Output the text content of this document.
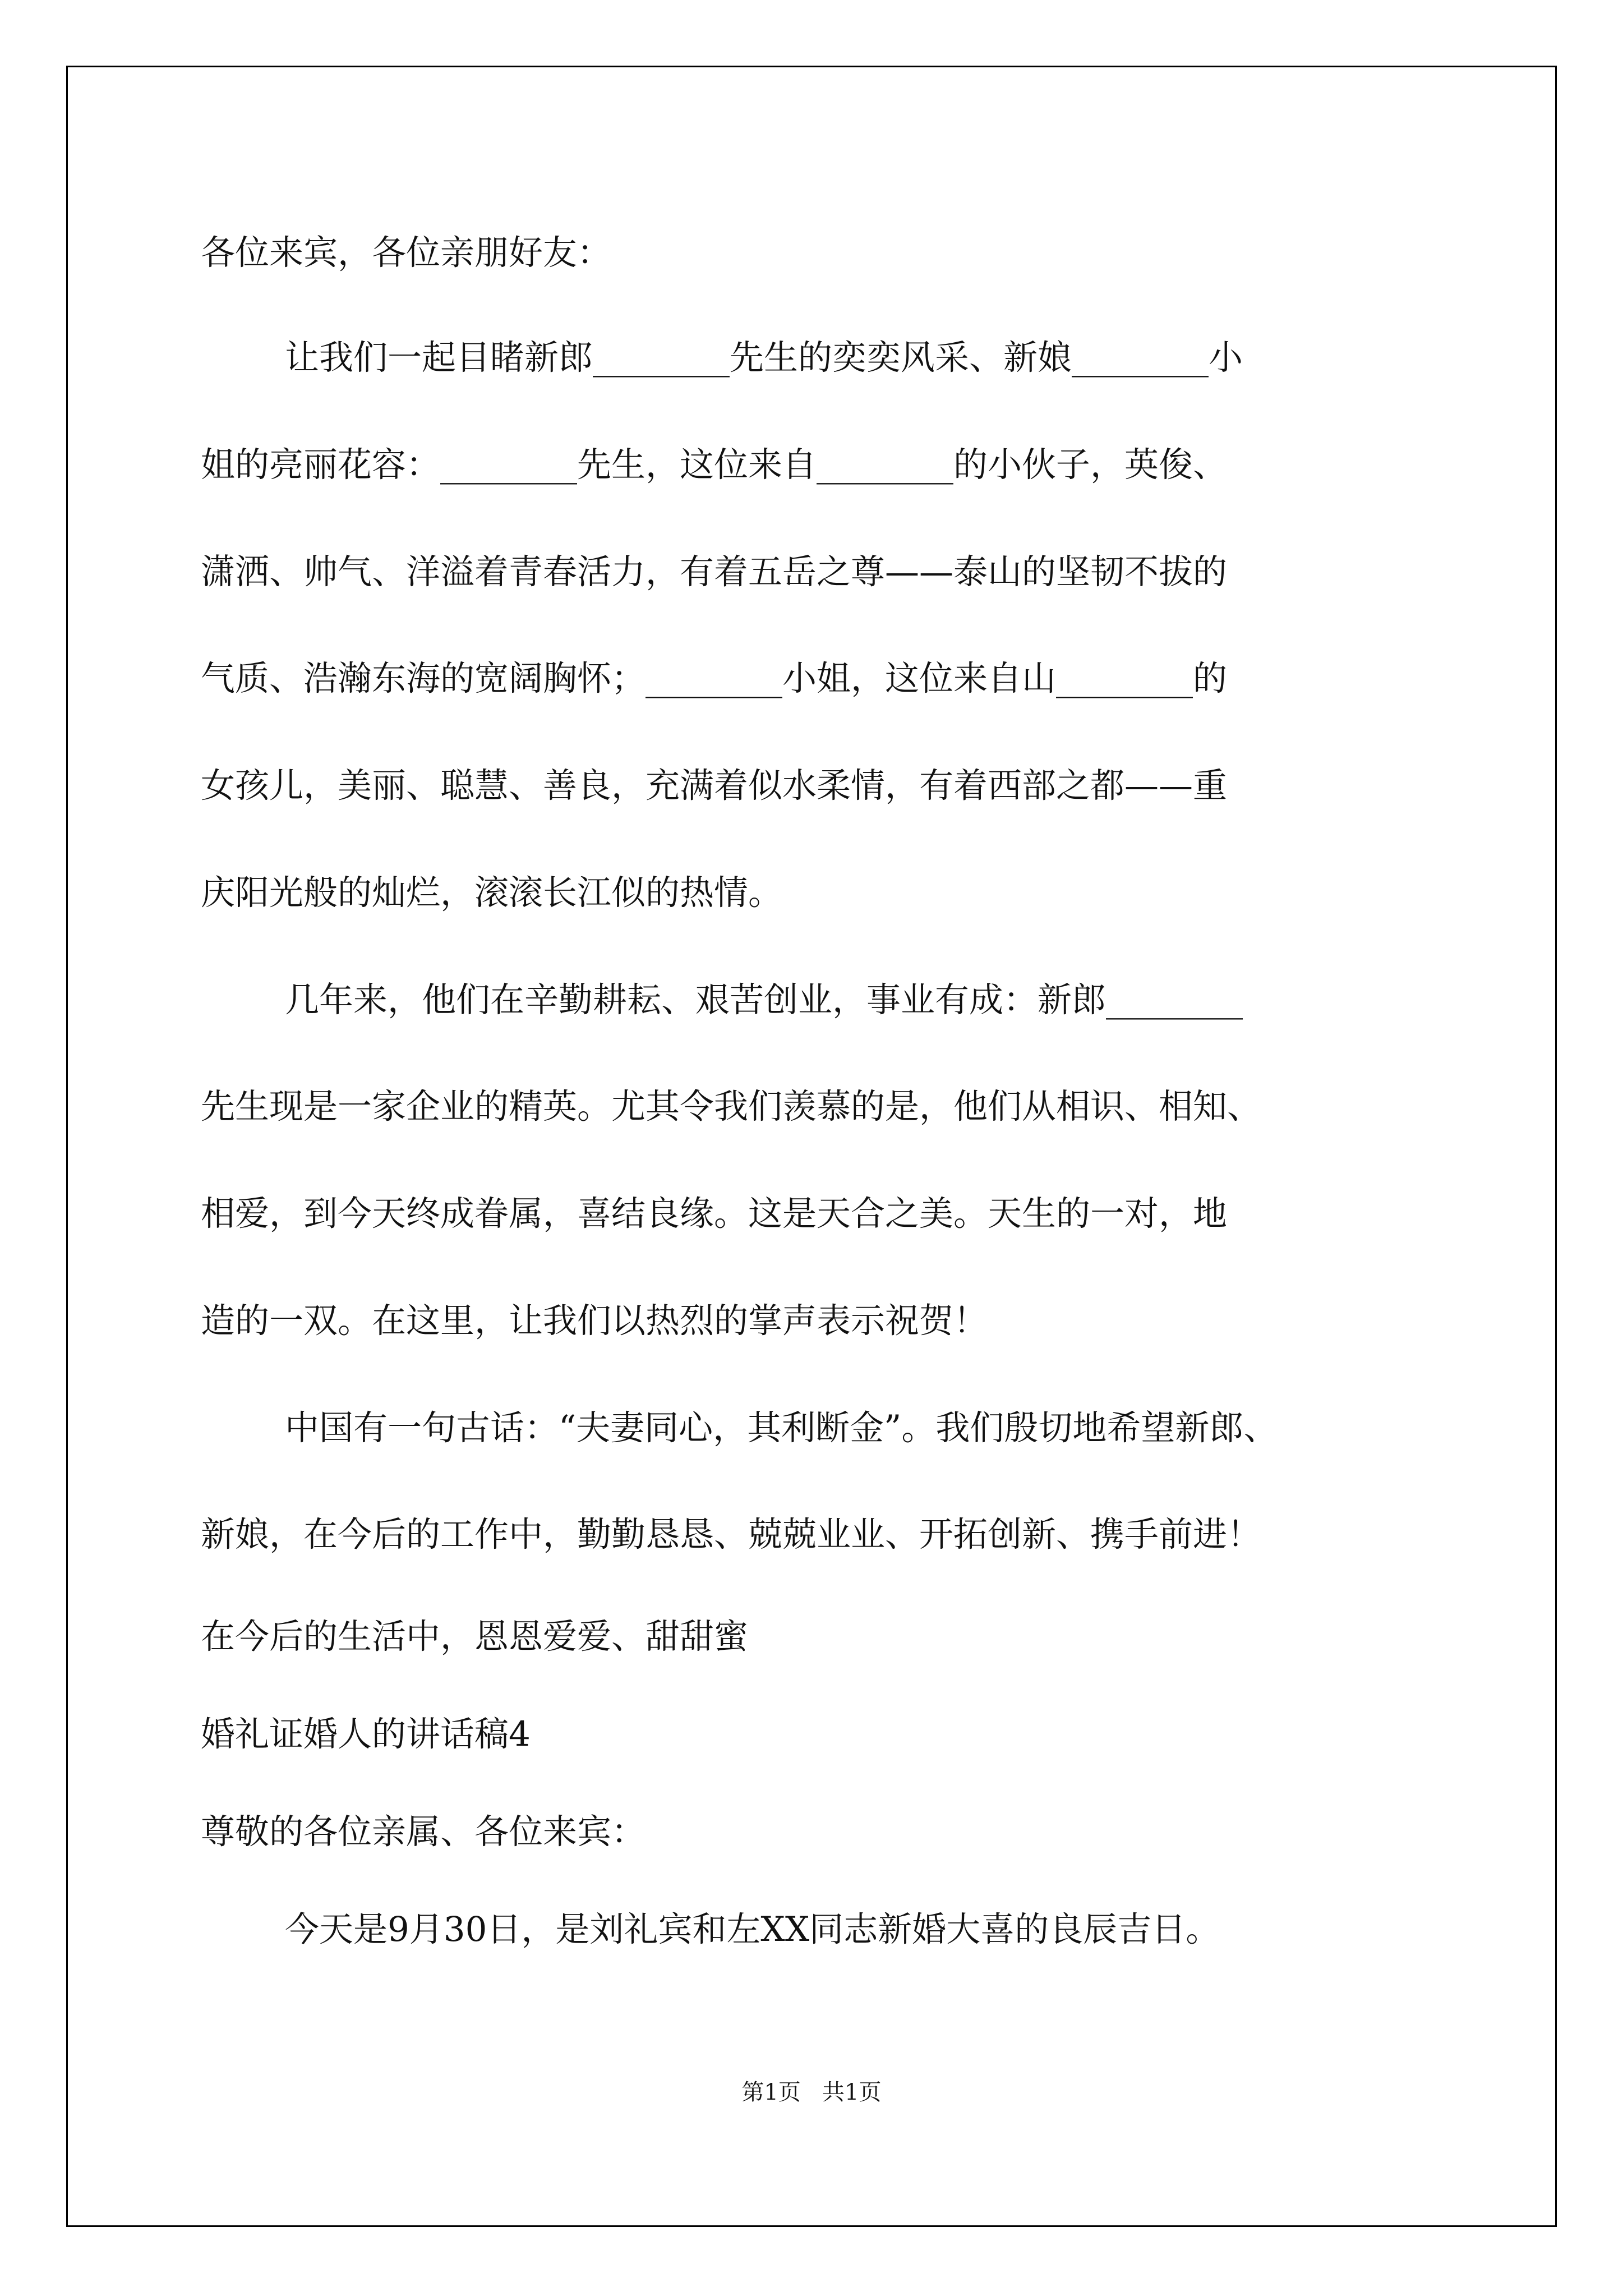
各位来宾，各位亲朋好友：
让我们一起目睹新郎________先生的奕奕风采、新娘________小
姐的亮丽花容：________先生，这位来自________的小伙子，英俊、
潇洒、帅气、洋溢着青春活力，有着五岳之尊——泰山的坚韧不拔的
气质、浩瀚东海的宽阔胸怀；________小姐，这位来自山________的
女孩儿，美丽、聪慧、善良，充满着似水柔情，有着西部之都——重
庆阳光般的灿烂，滚滚长江似的热情。
几年来，他们在辛勤耕耘、艰苦创业，事业有成：新郎________
先生现是一家企业的精英。尤其令我们羡慕的是，他们从相识、相知、
相爱，到今天终成眷属，喜结良缘。这是天合之美。天生的一对，地
造的一双。在这里，让我们以热烈的掌声表示祝贺！
中国有一句古话：“夫妻同心，其利断金”。我们殷切地希望新郎、
新娘，在今后的工作中，勤勤恳恳、兢兢业业、开拓创新、携手前进！
在今后的生活中，恩恩爱爱、甜甜蜜
婚礼证婚人的讲话稿4
尊敬的各位亲属、各位来宾：
今天是9月30日，是刘礼宾和左XX同志新婚大喜的良辰吉日。
第1页   共1页
